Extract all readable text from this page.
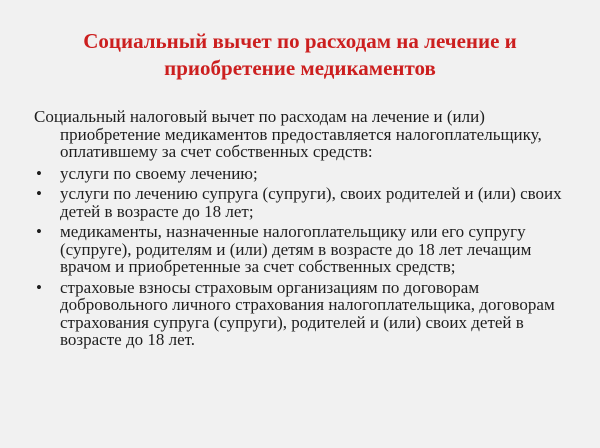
Социальный вычет по расходам на лечение и приобретение медикаментов

Социальный налоговый вычет по расходам на лечение и (или) приобретение медикаментов предоставляется налогоплательщику, оплатившему за счет собственных средств:

• услуги по своему лечению;
• услуги по лечению супруга (супруги), своих родителей и (или) своих детей в возрасте до 18 лет;
• медикаменты, назначенные налогоплательщику или его супругу (супруге), родителям и (или) детям в возрасте до 18 лет лечащим врачом и приобретенные за счет собственных средств;
• страховые взносы страховым организациям по договорам добровольного личного страхования налогоплательщика, договорам страхования супруга (супруги), родителей и (или) своих детей в возрасте до 18 лет.
